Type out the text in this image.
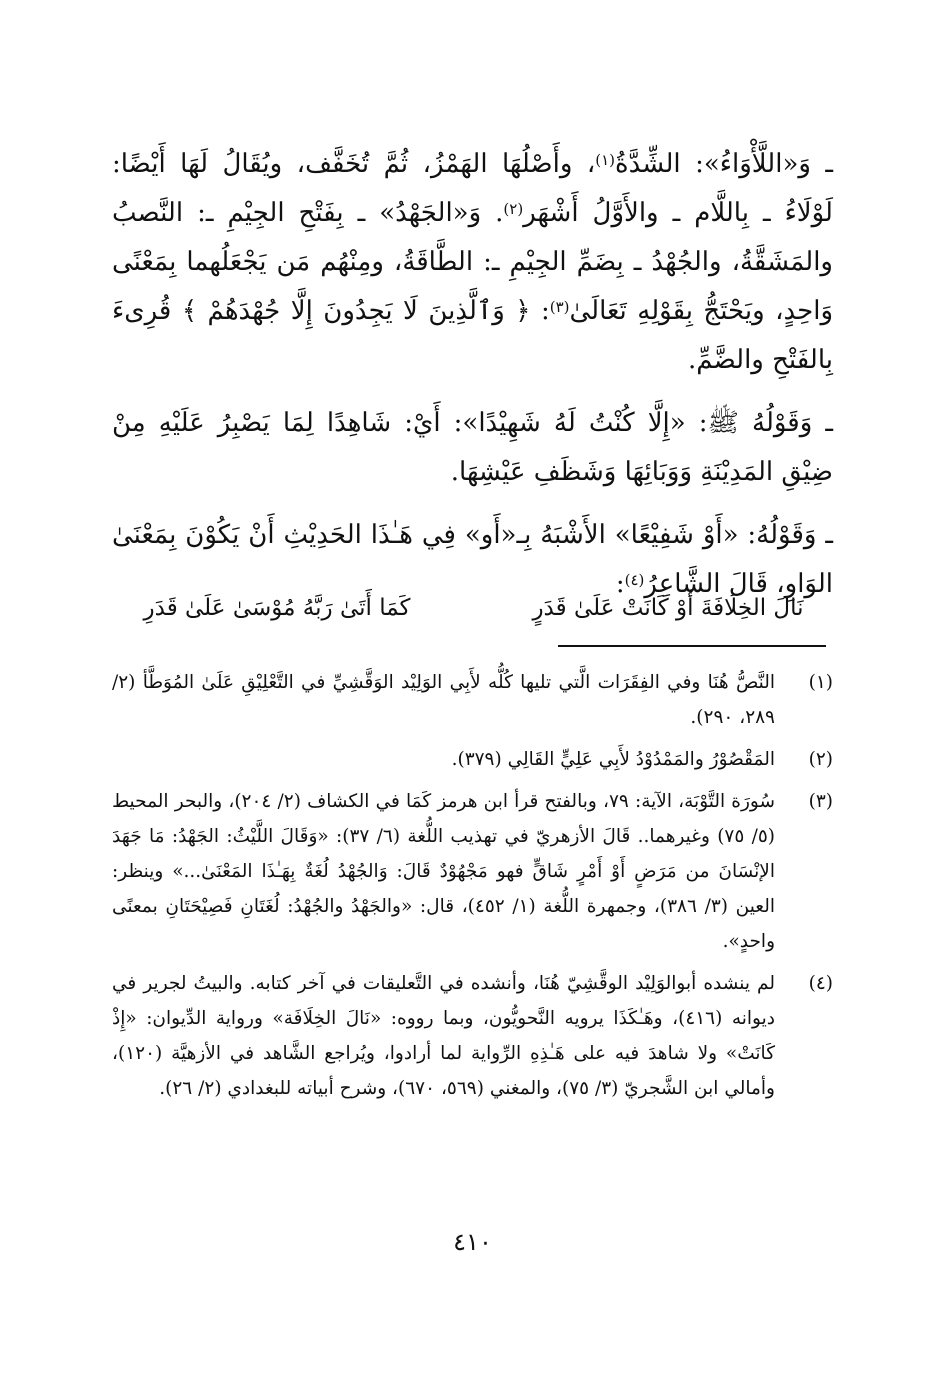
ـ وَ«اللَّأْوَاءُ»: الشِّدَّةُ$^{(١)}$، وأَصْلُهَا الهَمْزُ، ثُمَّ تُخَفَّف، ويُقَالُ لَهَا أَيْضًا: لَوْلَاءُ ـ بِاللَّام ـ والأَوَّلُ أَشْهَر$^{(٢)}$. وَ«الجَهْدُ» ـ بِفَتْحِ الجِيْمِ ـ: النَّصبُ والمَشَقَّةُ، والجُهْدُ ـ بِضَمِّ الجِيْمِ ـ: الطَّاقَةُ، ومِنْهُم مَن يَجْعَلُهما بِمَعْنًى وَاحِدٍ، ويَحْتَجُّ بِقَوْلِهِ تَعَالَىٰ$^{(٣)}$: ﴿ وَٱلَّذِينَ لَا يَجِدُونَ إِلَّا جُهْدَهُمْ ﴾ قُرِىءَ بِالفَتْحِ والضَّمِّ.

ـ وَقَوْلُهُ ﷺ: «إِلَّا كُنْتُ لَهُ شَهِيْدًا»: أَيْ: شَاهِدًا لِمَا يَصْبِرُ عَلَيْهِ مِنْ ضِيْقِ المَدِيْنَةِ وَوَبَائِهَا وَشَظَفِ عَيْشِهَا.

ـ وَقَوْلُهُ: «أَوْ شَفِيْعًا» الأَشْبَهُ بِـ«أَو» فِي هَـٰذَا الحَدِيْثِ أَنْ يَكُوْنَ بِمَعْنَىٰ الوَاوِ، قَالَ الشَّاعِرُ$^{(٤)}$:

نَالَ الخِلَافَةَ أَوْ كَانَتْ عَلَىٰ قَدَرٍ
كَمَا أَتَىٰ رَبَّهُ مُوْسَىٰ عَلَىٰ قَدَرِ
(١)
النَّصُّ هُنَا وفي الفِقَرَات الَّتي تليها كُلُّه لأَبِي الوَلِيْد الوَقَّشِيِّ في التَّعْلِيْقِ عَلَىٰ المُوَطَّأ (٢/ ٢٨٩، ٢٩٠).
(٢)
المَقْصُوْرُ والمَمْدُوْدُ لأَبِي عَلِيٍّ القَالِي (٣٧٩).
(٣)
سُورَة التَّوْبَة، الآية: ٧٩، وبالفتح قرأ ابن هرمز كَمَا في الكشاف (٢/ ٢٠٤)، والبحر المحيط (٥/ ٧٥) وغيرهما.. قَالَ الأزهريّ في تهذيب اللُّغة (٦/ ٣٧): «وَقَالَ اللَّيْثُ: الجَهْدُ: مَا جَهَدَ الإنْسَانَ من مَرَضٍ أَوْ أَمْرٍ شَاقٍّ فهو مَجْهُوْدٌ قَالَ: وَالجُهْدُ لُغَةٌ بِهَـٰذَا المَعْنَىٰ...» وينظر: العين (٣/ ٣٨٦)، وجمهرة اللُّغة (١/ ٤٥٢)، قال: «والجَهْدُ والجُهْدُ: لُغَتَانِ فَصِيْحَتَانِ بمعنًى واحدٍ».
(٤)
لم ينشده أبوالوَلِيْد الوقَّشِيّ هُنَا، وأنشده في التَّعليقات في آخر كتابه. والبيتُ لجرير في ديوانه (٤١٦)، وهَـٰكَذَا يرويه النَّحويُّون، وبما رووه: «نَالَ الخِلَافَة» ورواية الدِّيوان: «إِذْ كَانَتْ» ولا شاهدَ فيه على هَـٰذِهِ الرِّواية لما أرادوا، ويُراجع الشَّاهد في الأزهيَّة (١٢٠)، وأمالي ابن الشَّجريّ (٣/ ٧٥)، والمغني (٥٦٩، ٦٧٠)، وشرح أبياته للبغدادي (٢/ ٢٦).
٤١٠
